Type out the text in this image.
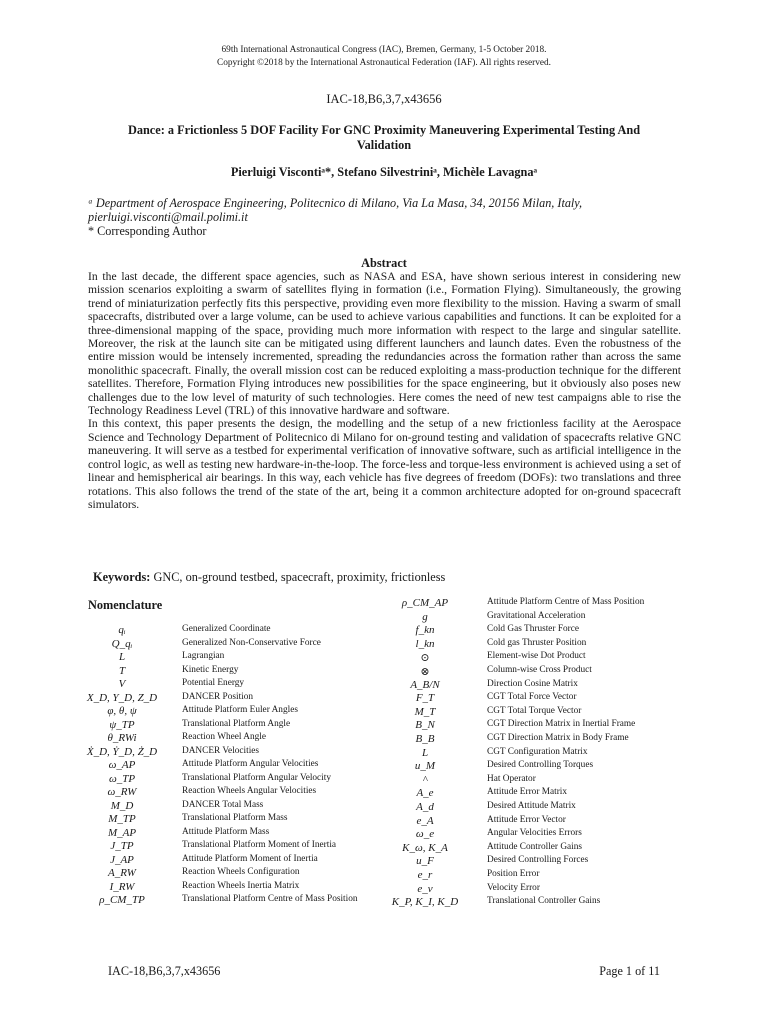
69th International Astronautical Congress (IAC), Bremen, Germany, 1-5 October 2018.
Copyright ©2018 by the International Astronautical Federation (IAF). All rights reserved.
IAC-18,B6,3,7,x43656
Dance: a Frictionless 5 DOF Facility For GNC Proximity Maneuvering Experimental Testing And Validation
Pierluigi Viscontiᵃ*, Stefano Silvestriniᵃ, Michèle Lavagnaᵃ
ᵃ Department of Aerospace Engineering, Politecnico di Milano, Via La Masa, 34, 20156 Milan, Italy,
pierluigi.visconti@mail.polimi.it
* Corresponding Author
Abstract

In the last decade, the different space agencies, such as NASA and ESA, have shown serious interest in considering new mission scenarios exploiting a swarm of satellites flying in formation (i.e., Formation Flying). Simultaneously, the growing trend of miniaturization perfectly fits this perspective, providing even more flexibility to the mission. Having a swarm of small spacecrafts, distributed over a large volume, can be used to achieve various capabilities and functions. It can be exploited for a three-dimensional mapping of the space, providing much more information with respect to the large and singular satellite. Moreover, the risk at the launch site can be mitigated using different launchers and launch dates. Even the robustness of the entire mission would be intensely incremented, spreading the redundancies across the formation rather than across the same monolithic spacecraft. Finally, the overall mission cost can be reduced exploiting a mass-production technique for the different satellites. Therefore, Formation Flying introduces new possibilities for the space engineering, but it obviously also poses new challenges due to the low level of maturity of such technologies. Here comes the need of new test campaigns able to rise the Technology Readiness Level (TRL) of this innovative hardware and software.

In this context, this paper presents the design, the modelling and the setup of a new frictionless facility at the Aerospace Science and Technology Department of Politecnico di Milano for on-ground testing and validation of spacecrafts relative GNC maneuvering. It will serve as a testbed for experimental verification of innovative software, such as artificial intelligence in the control logic, as well as testing new hardware-in-the-loop. The force-less and torque-less environment is achieved using a set of linear and hemispherical air bearings. In this way, each vehicle has five degrees of freedom (DOFs): two translations and three rotations. This also follows the trend of the state of the art, being it a common architecture adopted for on-ground spacecraft simulators.

Keywords: GNC, on-ground testbed, spacecraft, proximity, frictionless
Nomenclature
qᵢ	Generalized Coordinate
Q_qᵢ	Generalized Non-Conservative Force
L	Lagrangian
T	Kinetic Energy
V	Potential Energy
X_D, Y_D, Z_D	DANCER Position
φ, θ, ψ	Attitude Platform Euler Angles
ψ_TP	Translational Platform Angle
θ_RWi	Reaction Wheel Angle
Ẋ_D, Ẏ_D, Ż_D	DANCER Velocities
ω_AP	Attitude Platform Angular Velocities
ω_TP	Translational Platform Angular Velocity
ω_RW	Reaction Wheels Angular Velocities
M_D	DANCER Total Mass
M_TP	Translational Platform Mass
M_AP	Attitude Platform Mass
J_TP	Translational Platform Moment of Inertia
J_AP	Attitude Platform Moment of Inertia
A_RW	Reaction Wheels Configuration
I_RW	Reaction Wheels Inertia Matrix
ρ_CM_TP	Translational Platform Centre of Mass Position
ρ_CM_AP	Attitude Platform Centre of Mass Position
g	Gravitational Acceleration
f_kn	Cold Gas Thruster Force
l_kn	Cold gas Thruster Position
⊙	Element-wise Dot Product
⊗	Column-wise Cross Product
A_B/N	Direction Cosine Matrix
F_T	CGT Total Force Vector
M_T	CGT Total Torque Vector
B_N	CGT Direction Matrix in Inertial Frame
B_B	CGT Direction Matrix in Body Frame
L	CGT Configuration Matrix
u_M	Desired Controlling Torques
^	Hat Operator
A_e	Attitude Error Matrix
A_d	Desired Attitude Matrix
e_A	Attitude Error Vector
ω_e	Angular Velocities Errors
K_ω, K_A	Attitude Controller Gains
u_F	Desired Controlling Forces
e_r	Position Error
e_v	Velocity Error
K_P, K_I, K_D	Translational Controller Gains
IAC-18,B6,3,7,x43656	Page 1 of 11
